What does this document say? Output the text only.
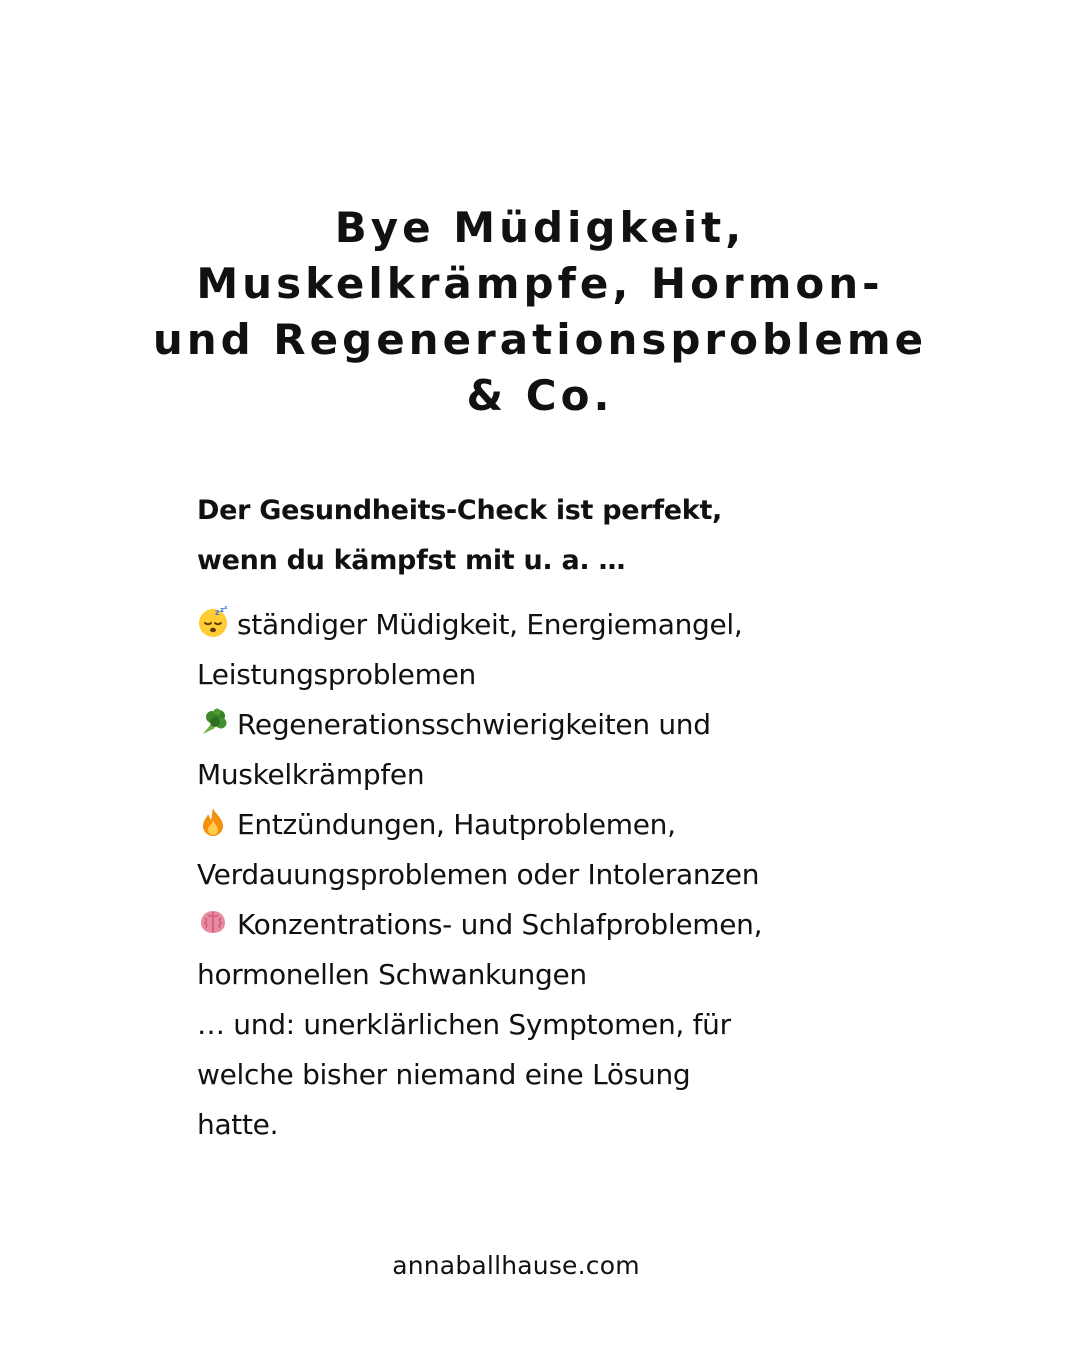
Bye Müdigkeit,
Muskelkrämpfe, Hormon-
und Regenerationsprobleme
& Co.

Der Gesundheits-Check ist perfekt,
wenn du kämpfst mit u. a. …

z z z
ständiger Müdigkeit, Energiemangel,
Leistungsproblemen
Regenerationsschwierigkeiten und
Muskelkrämpfen
Entzündungen, Hautproblemen,
Verdauungsproblemen oder Intoleranzen
Konzentrations- und Schlafproblemen,
hormonellen Schwankungen
… und: unerklärlichen Symptomen, für
welche bisher niemand eine Lösung
hatte.
annaballhause.com
